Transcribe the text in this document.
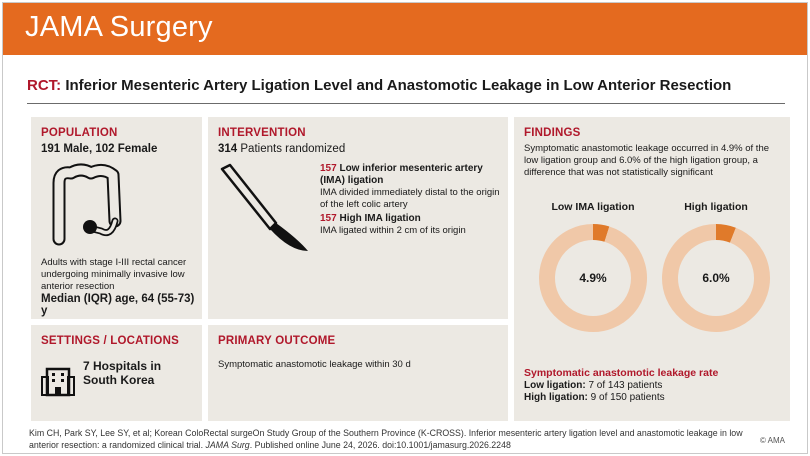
JAMA Surgery
RCT: Inferior Mesenteric Artery Ligation Level and Anastomotic Leakage in Low Anterior Resection
POPULATION
191 Male, 102 Female
Adults with stage I-III rectal cancer undergoing minimally invasive low anterior resection
Median (IQR) age, 64 (55-73) y
INTERVENTION
314 Patients randomized
157 Low inferior mesenteric artery (IMA) ligation
IMA divided immediately distal to the origin of the left colic artery
157 High IMA ligation
IMA ligated within 2 cm of its origin
FINDINGS
Symptomatic anastomotic leakage occurred in 4.9% of the low ligation group and 6.0% of the high ligation group, a difference that was not statistically significant
Low IMA ligation
4.9%
High ligation
6.0%
Symptomatic anastomotic leakage rate
Low ligation: 7 of 143 patients
High ligation: 9 of 150 patients
SETTINGS / LOCATIONS
7 Hospitals in South Korea
PRIMARY OUTCOME
Symptomatic anastomotic leakage within 30 d
Kim CH, Park SY, Lee SY, et al; Korean ColoRectal surgeOn Study Group of the Southern Province (K-CROSS). Inferior mesenteric artery ligation level and anastomotic leakage in low
anterior resection: a randomized clinical trial. JAMA Surg. Published online June 24, 2026. doi:10.1001/jamasurg.2026.2248	© AMA
